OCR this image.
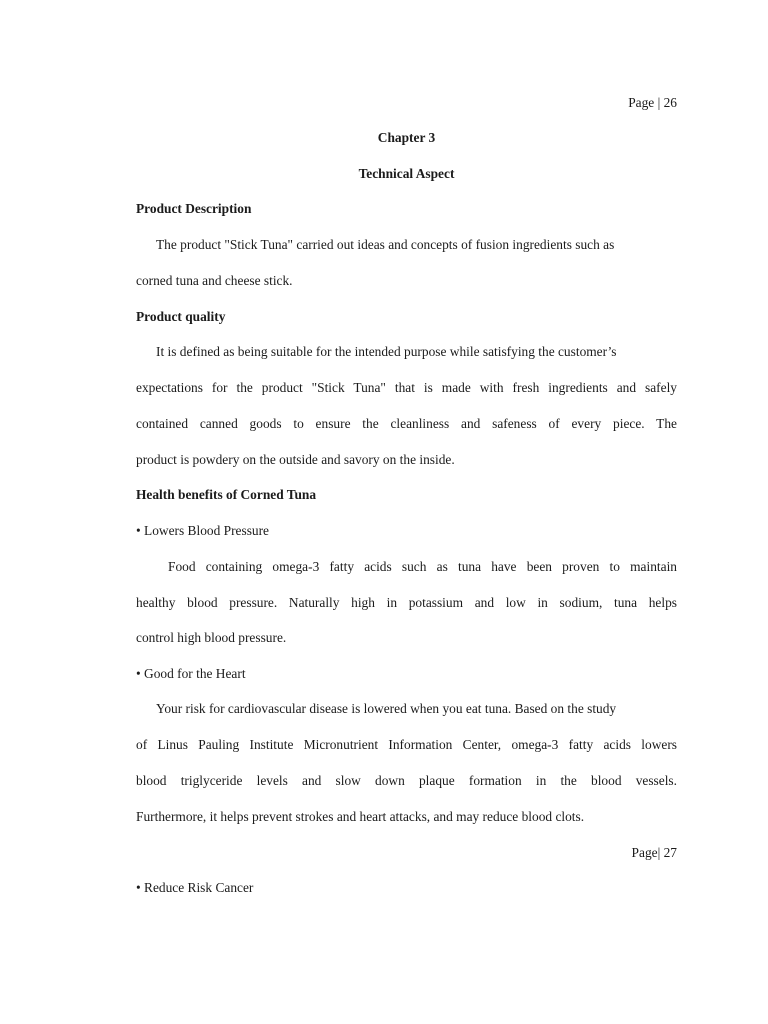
Page | 26
Chapter 3
Technical Aspect
Product Description
The product "Stick Tuna" carried out ideas and concepts of fusion ingredients such as
corned tuna and cheese stick.
Product quality
It is defined as being suitable for the intended purpose while satisfying the customer’s
expectations for the product "Stick Tuna" that is made with fresh ingredients and safely
contained canned goods to ensure the cleanliness and safeness of every piece. The
product is powdery on the outside and savory on the inside.
Health benefits of Corned Tuna
• Lowers Blood Pressure
Food containing omega-3 fatty acids such as tuna have been proven to maintain
healthy blood pressure. Naturally high in potassium and low in sodium, tuna helps
control high blood pressure.
• Good for the Heart
Your risk for cardiovascular disease is lowered when you eat tuna. Based on the study
of Linus Pauling Institute Micronutrient Information Center, omega-3 fatty acids lowers
blood triglyceride levels and slow down plaque formation in the blood vessels.
Furthermore, it helps prevent strokes and heart attacks, and may reduce blood clots.
Page| 27
• Reduce Risk Cancer
